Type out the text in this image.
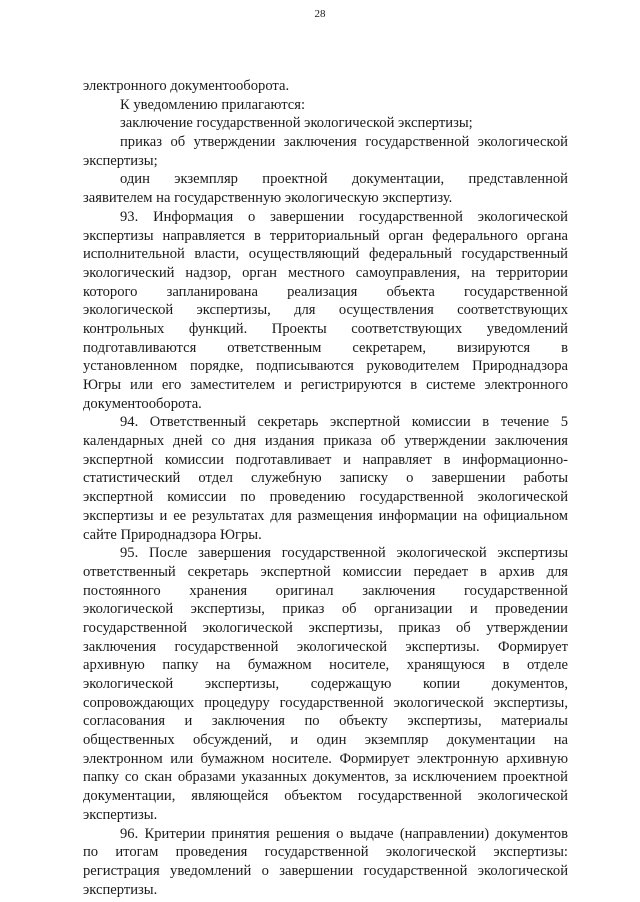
28
электронного документооборота.
К уведомлению прилагаются:
заключение государственной экологической экспертизы;
приказ об утверждении заключения государственной экологической
экспертизы;
один экземпляр проектной документации, представленной
заявителем на государственную экологическую экспертизу.
93. Информация о завершении государственной экологической
экспертизы направляется в территориальный орган федерального органа
исполнительной власти, осуществляющий федеральный государственный
экологический надзор, орган местного самоуправления, на территории
которого запланирована реализация объекта государственной
экологической экспертизы, для осуществления соответствующих
контрольных функций. Проекты соответствующих уведомлений
подготавливаются ответственным секретарем, визируются в
установленном порядке, подписываются руководителем Природнадзора
Югры или его заместителем и регистрируются в системе электронного
документооборота.
94. Ответственный секретарь экспертной комиссии в течение 5
календарных дней со дня издания приказа об утверждении заключения
экспертной комиссии подготавливает и направляет в информационно-
статистический отдел служебную записку о завершении работы
экспертной комиссии по проведению государственной экологической
экспертизы и ее результатах для размещения информации на официальном
сайте Природнадзора Югры.
95. После завершения государственной экологической экспертизы
ответственный секретарь экспертной комиссии передает в архив для
постоянного хранения оригинал заключения государственной
экологической экспертизы, приказ об организации и проведении
государственной экологической экспертизы, приказ об утверждении
заключения государственной экологической экспертизы. Формирует
архивную папку на бумажном носителе, хранящуюся в отделе
экологической экспертизы, содержащую копии документов,
сопровождающих процедуру государственной экологической экспертизы,
согласования и заключения по объекту экспертизы, материалы
общественных обсуждений, и один экземпляр документации на
электронном или бумажном носителе. Формирует электронную архивную
папку со скан образами указанных документов, за исключением проектной
документации, являющейся объектом государственной экологической
экспертизы.
96. Критерии принятия решения о выдаче (направлении) документов
по итогам проведения государственной экологической экспертизы:
регистрация уведомлений о завершении государственной экологической
экспертизы.
